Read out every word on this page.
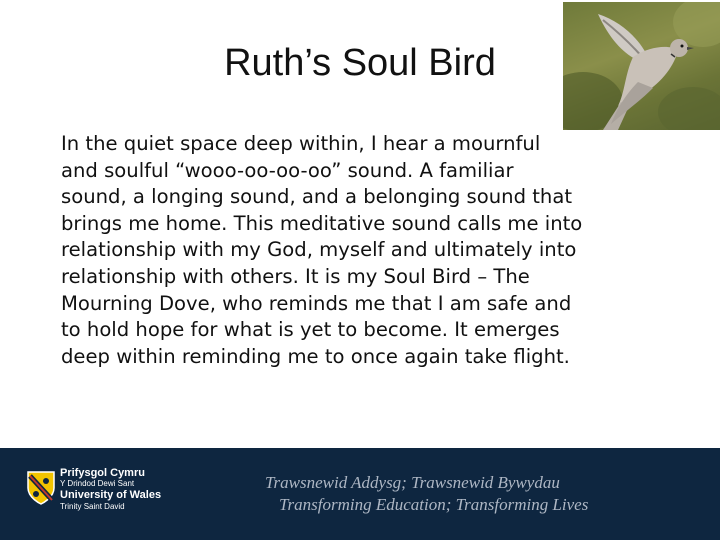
Ruth’s Soul Bird

In the quiet space deep within, I hear a mournful
and soulful “wooo-oo-oo-oo” sound. A familiar
sound, a longing sound, and a belonging sound that
brings me home. This meditative sound calls me into
relationship with my God, myself and ultimately into
relationship with others. It is my Soul Bird – The
Mourning Dove, who reminds me that I am safe and
to hold hope for what is yet to become. It emerges
deep within reminding me to once again take flight.

Prifysgol Cymru
Y Drindod Dewi Sant
University of Wales
Trinity Saint David
Trawsnewid Addysg; Trawsnewid Bywydau
Transforming Education; Transforming Lives
